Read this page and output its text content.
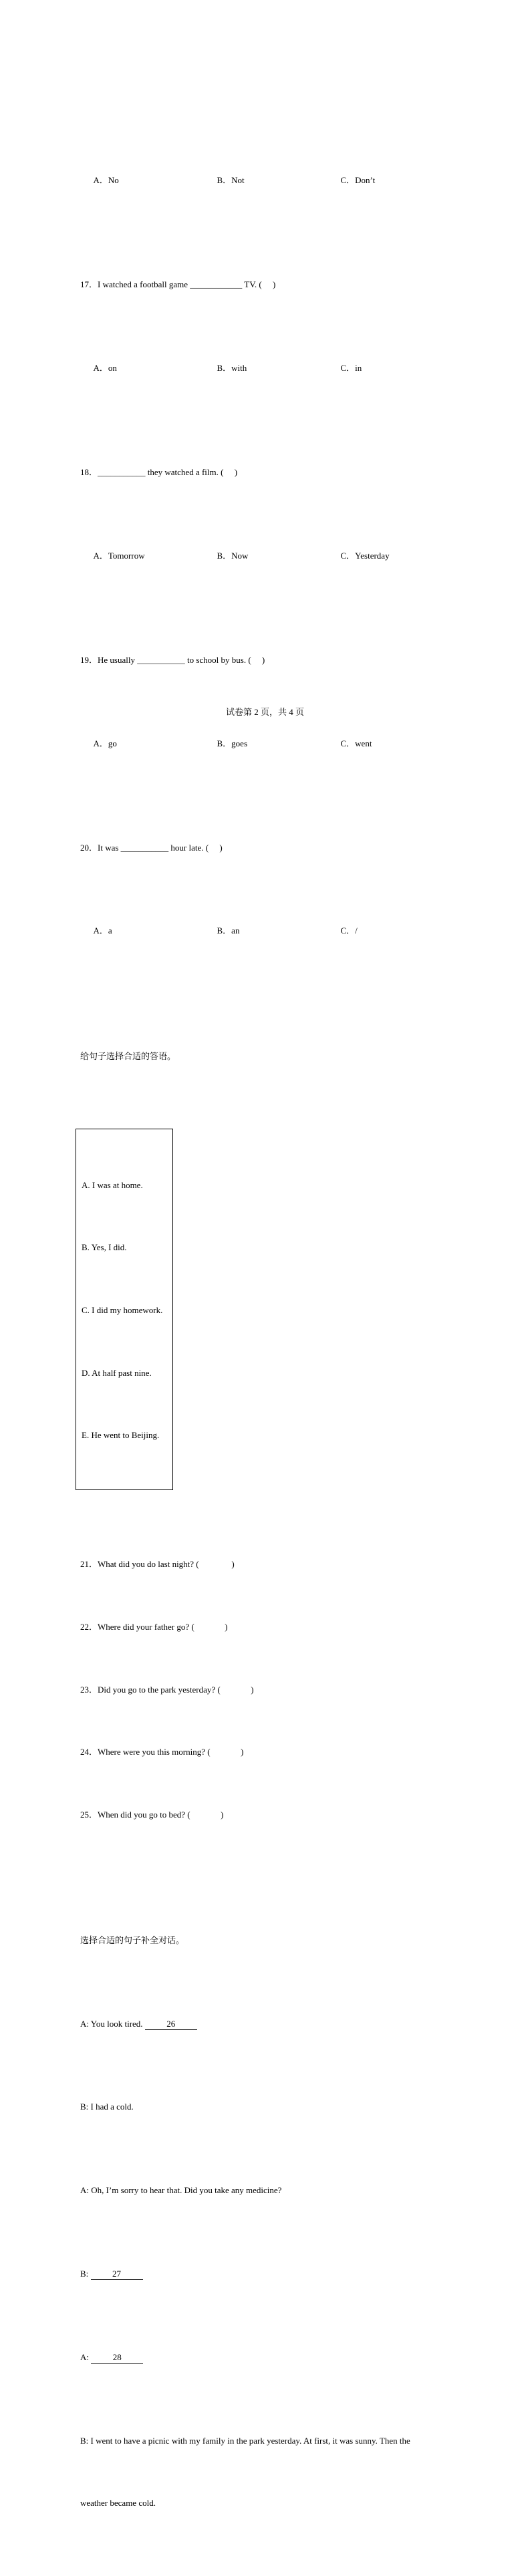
A．No	B．Not	C．Don’t

17．I watched a football game ____________ TV. (     )

A．on	B．with	C．in

18．___________ they watched a film. (     )

A．Tomorrow	B．Now	C．Yesterday

19．He usually ___________ to school by bus. (     )

A．go	B．goes	C．went

20．It was ___________ hour late. (     )

A．a	B．an	C．/

给句子选择合适的答语。

A. I was at home.

B. Yes, I did.

C. I did my homework.

D. At half past nine.

E. He went to Beijing.

21．What did you do last night? (               )

22．Where did your father go? (              )

23．Did you go to the park yesterday? (              )

24．Where were you this morning? (              )

25．When did you go to bed? (              )

选择合适的句子补全对话。

A: You look tired.	26

B: I had a cold.

A: Oh, I’m sorry to hear that. Did you take any medicine?

B:	27

A:	28

B: I went to have a picnic with my family in the park yesterday. At first, it was sunny. Then the

weather became cold.

试卷第 2 页，共 4 页
